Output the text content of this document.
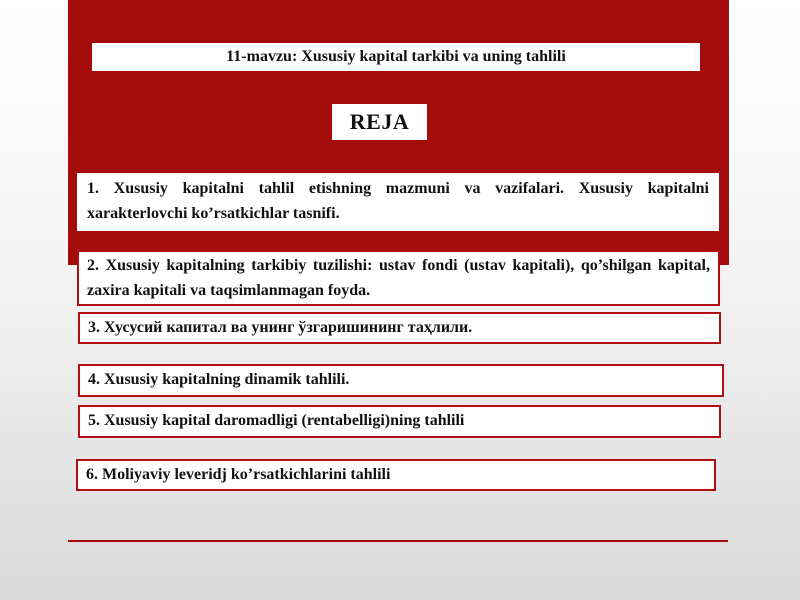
11-mavzu: Xususiy kapital tarkibi va uning tahlili
REJA
1. Xususiy kapitalni tahlil etishning mazmuni va vazifalari. Xususiy kapitalni xarakterlovchi ko’rsatkichlar tasnifi.
2. Xususiy kapitalning tarkibiy tuzilishi: ustav fondi (ustav kapitali), qo’shilgan kapital, zaxira kapitali va taqsimlanmagan foyda.
3. Хусусий капитал ва унинг ўзгаришининг таҳлили.
4. Xususiy kapitalning dinamik tahlili.
5. Xususiy kapital daromadligi (rentabelligi)ning tahlili
6. Moliyaviy leveridj ko’rsatkichlarini tahlili
